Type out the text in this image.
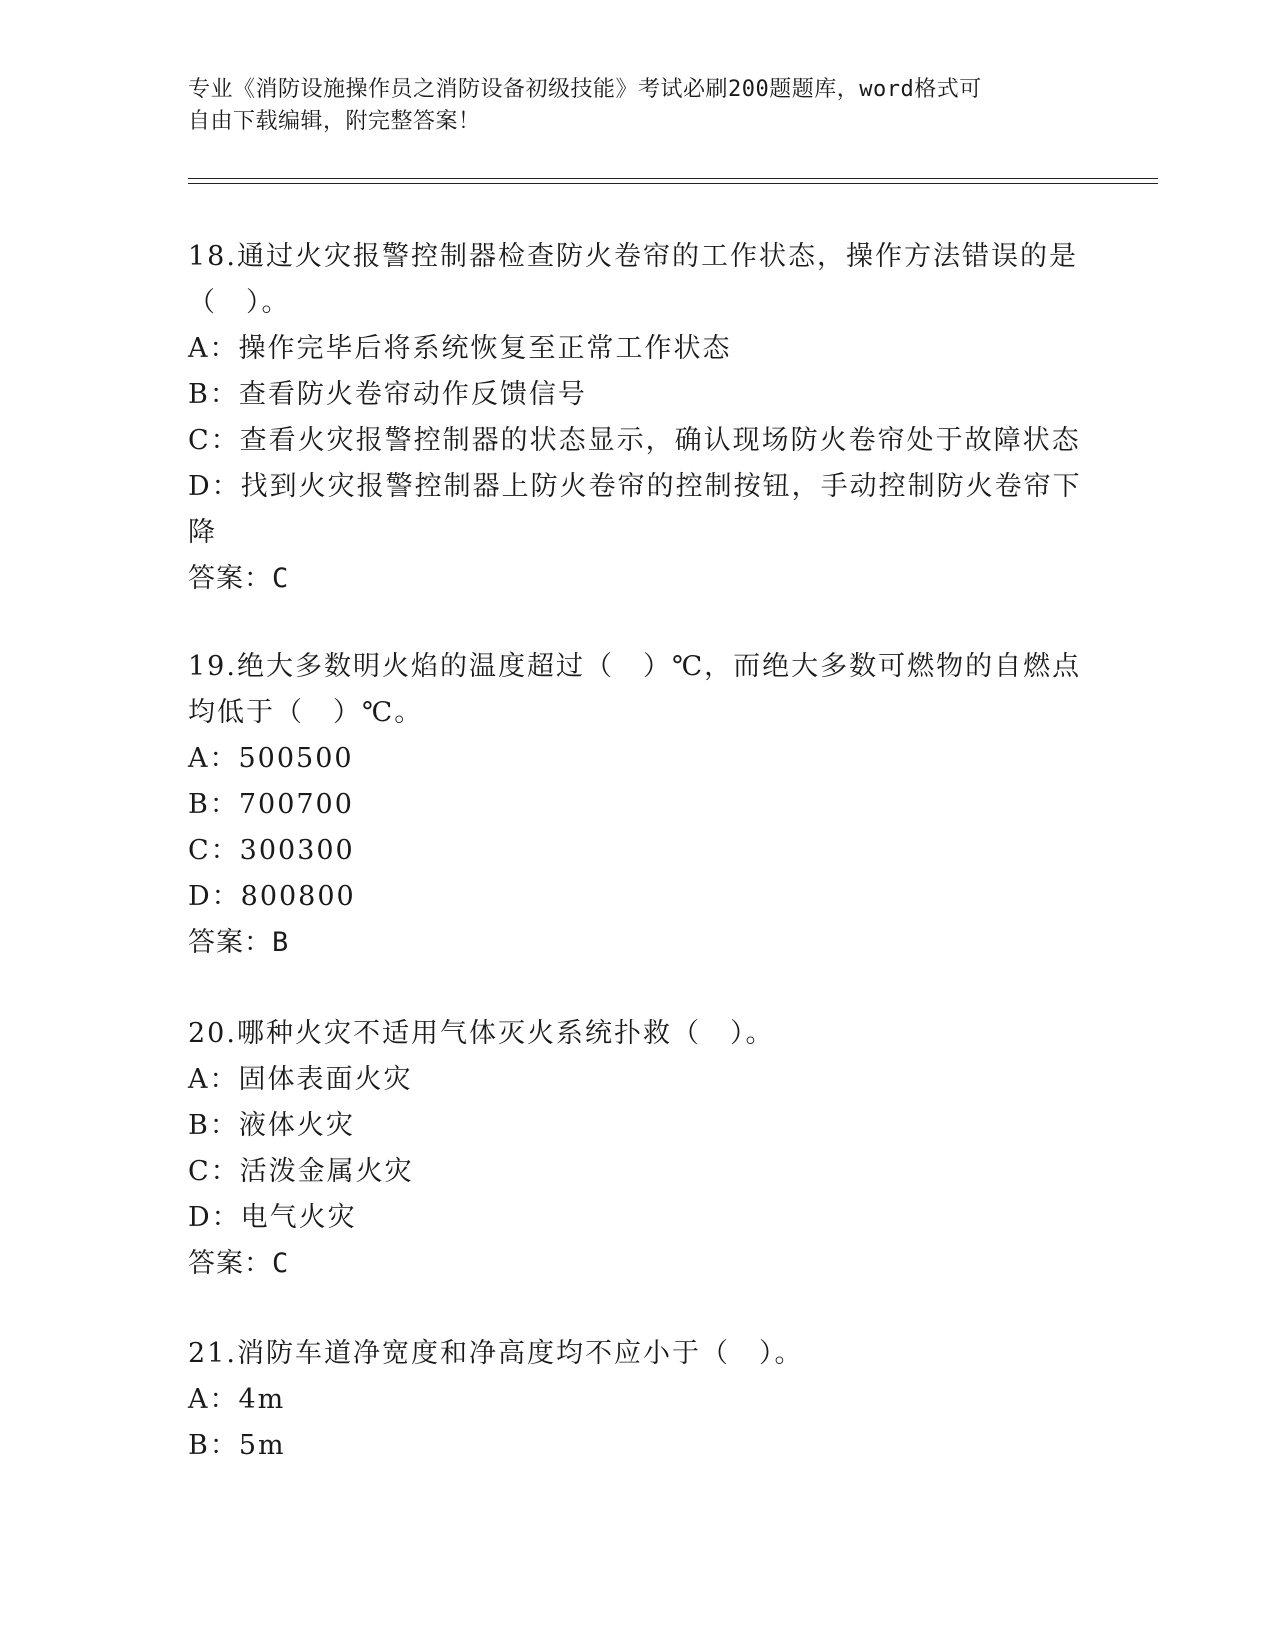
专业《消防设施操作员之消防设备初级技能》考试必刷200题题库，word格式可
自由下载编辑，附完整答案！
18.通过火灾报警控制器检查防火卷帘的工作状态，操作方法错误的是
（　）。
A：操作完毕后将系统恢复至正常工作状态
B：查看防火卷帘动作反馈信号
C：查看火灾报警控制器的状态显示，确认现场防火卷帘处于故障状态
D：找到火灾报警控制器上防火卷帘的控制按钮，手动控制防火卷帘下
降
答案：C
19.绝大多数明火焰的温度超过（　）℃，而绝大多数可燃物的自燃点
均低于（　）℃。
A：500500
B：700700
C：300300
D：800800
答案：B
20.哪种火灾不适用气体灭火系统扑救（　）。
A：固体表面火灾
B：液体火灾
C：活泼金属火灾
D：电气火灾
答案：C
21.消防车道净宽度和净高度均不应小于（　）。
A：4m
B：5m
